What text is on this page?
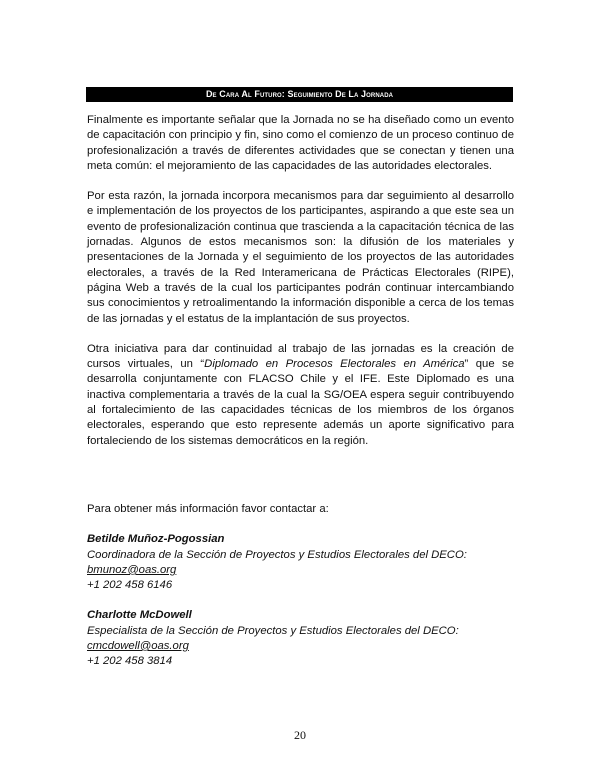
De Cara Al Futuro: Seguimiento De La Jornada

Finalmente es importante señalar que la Jornada no se ha diseñado como un evento de capacitación con principio y fin, sino como el comienzo de un proceso continuo de profesionalización a través de diferentes actividades que se conectan y tienen una meta común: el mejoramiento de las capacidades de las autoridades electorales.

Por esta razón, la jornada incorpora mecanismos para dar seguimiento al desarrollo e implementación de los proyectos de los participantes, aspirando a que este sea un evento de profesionalización continua que trascienda a la capacitación técnica de las jornadas. Algunos de estos mecanismos son: la difusión de los materiales y presentaciones de la Jornada y el seguimiento de los proyectos de las autoridades electorales, a través de la Red Interamericana de Prácticas Electorales (RIPE), página Web a través de la cual los participantes podrán continuar intercambiando sus conocimientos y retroalimentando la información disponible a cerca de los temas de las jornadas y el estatus de la implantación de sus proyectos.

Otra iniciativa para dar continuidad al trabajo de las jornadas es la creación de cursos virtuales, un “Diplomado en Procesos Electorales en América” que se desarrolla conjuntamente con FLACSO Chile y el IFE. Este Diplomado es una inactiva complementaria a través de la cual la SG/OEA espera seguir contribuyendo al fortalecimiento de las capacidades técnicas de los miembros de los órganos electorales, esperando que esto represente además un aporte significativo para fortaleciendo de los sistemas democráticos en la región.

Para obtener más información favor contactar a:

Betilde Muñoz-Pogossian
Coordinadora de la Sección de Proyectos y Estudios Electorales del DECO:
bmunoz@oas.org
+1 202 458 6146
Charlotte McDowell
Especialista de la Sección de Proyectos y Estudios Electorales del DECO:
cmcdowell@oas.org
+1 202 458 3814
20
